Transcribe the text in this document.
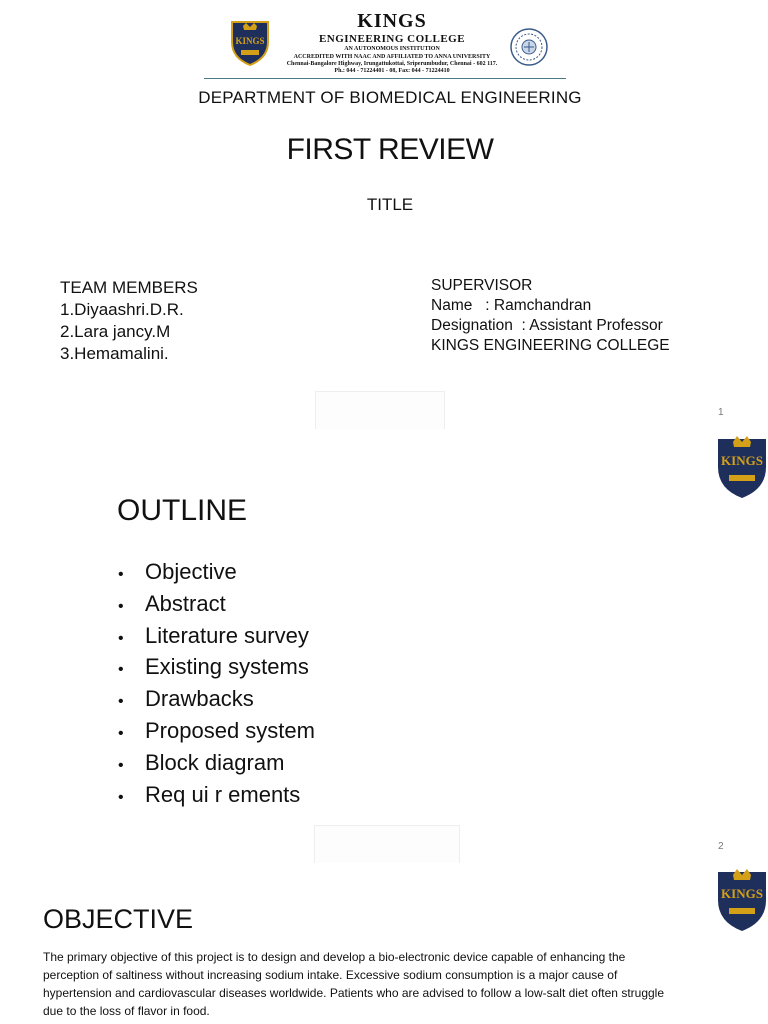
KINGS
KINGS
ENGINEERING COLLEGE
AN AUTONOMOUS INSTITUTION
ACCREDITED WITH NAAC AND AFFILIATED TO ANNA UNIVERSITY
Chennai-Bangalore Highway, Irungattukottai, Sriperumbudur, Chennai - 602 117.
Ph.: 044 - 71224401 - 08, Fax: 044 - 71224410
DEPARTMENT OF BIOMEDICAL ENGINEERING
FIRST REVIEW
TITLE
TEAM MEMBERS
1.Diyaashri.D.R.
2.Lara jancy.M
3.Hemamalini.
SUPERVISOR
Name   : Ramchandran
Designation  : Assistant Professor
KINGS ENGINEERING COLLEGE
1
KINGS
OUTLINE
• Objective
• Abstract
• Literature survey
• Existing systems
• Drawbacks
• Proposed system
• Block diagram
• Req ui r ements
2
KINGS
OBJECTIVE

The primary objective of this project is to design and develop a bio-electronic device capable of enhancing the perception of saltiness without increasing sodium intake. Excessive sodium consumption is a major cause of hypertension and cardiovascular diseases worldwide. Patients who are advised to follow a low-salt diet often struggle due to the loss of flavor in food.
